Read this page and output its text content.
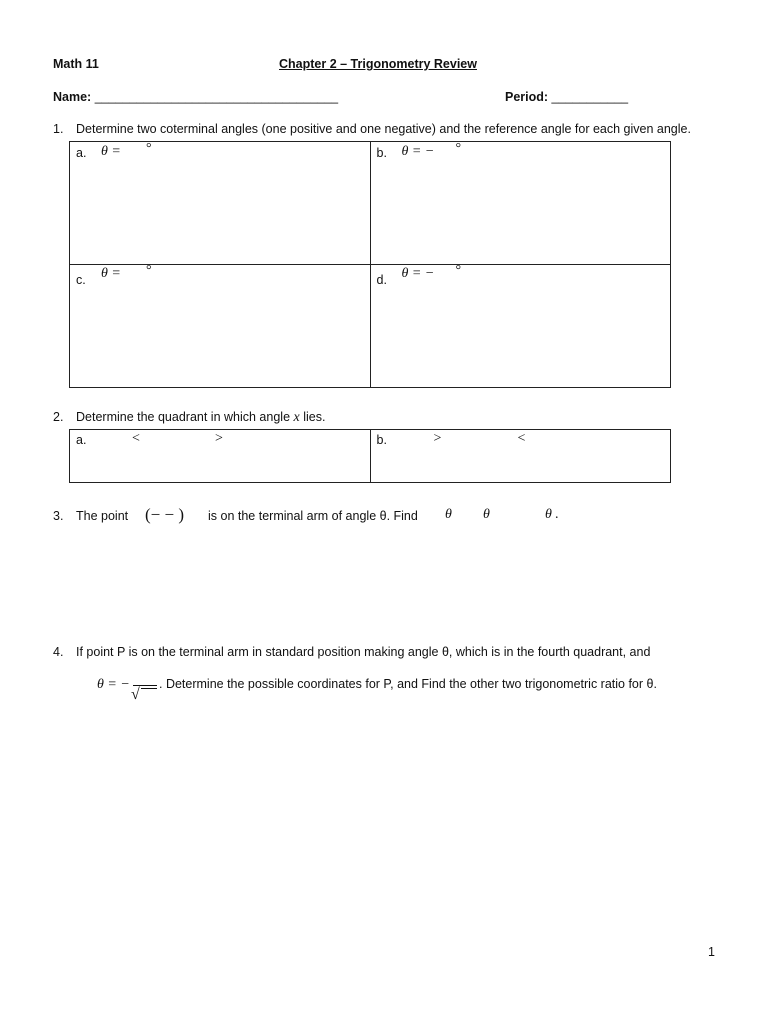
Math 11	Chapter 2 – Trigonometry Review
Name: ___________________________________	Period: ___________
1. Determine two coterminal angles (one positive and one negative) and the reference angle for each given angle.
a. θ = °	b. θ = − °

c. θ = °	d. θ = − °
2. Determine the quadrant in which angle x lies.
a.	<	>	b.	>	<
3. The point (− − ) is on the terminal arm of angle θ. Find θ θ	θ .
4. If point P is on the terminal arm in standard position making angle θ, which is in the fourth quadrant, and
θ = −
√
. Determine the possible coordinates for P, and Find the other two trigonometric ratio for θ.
1
